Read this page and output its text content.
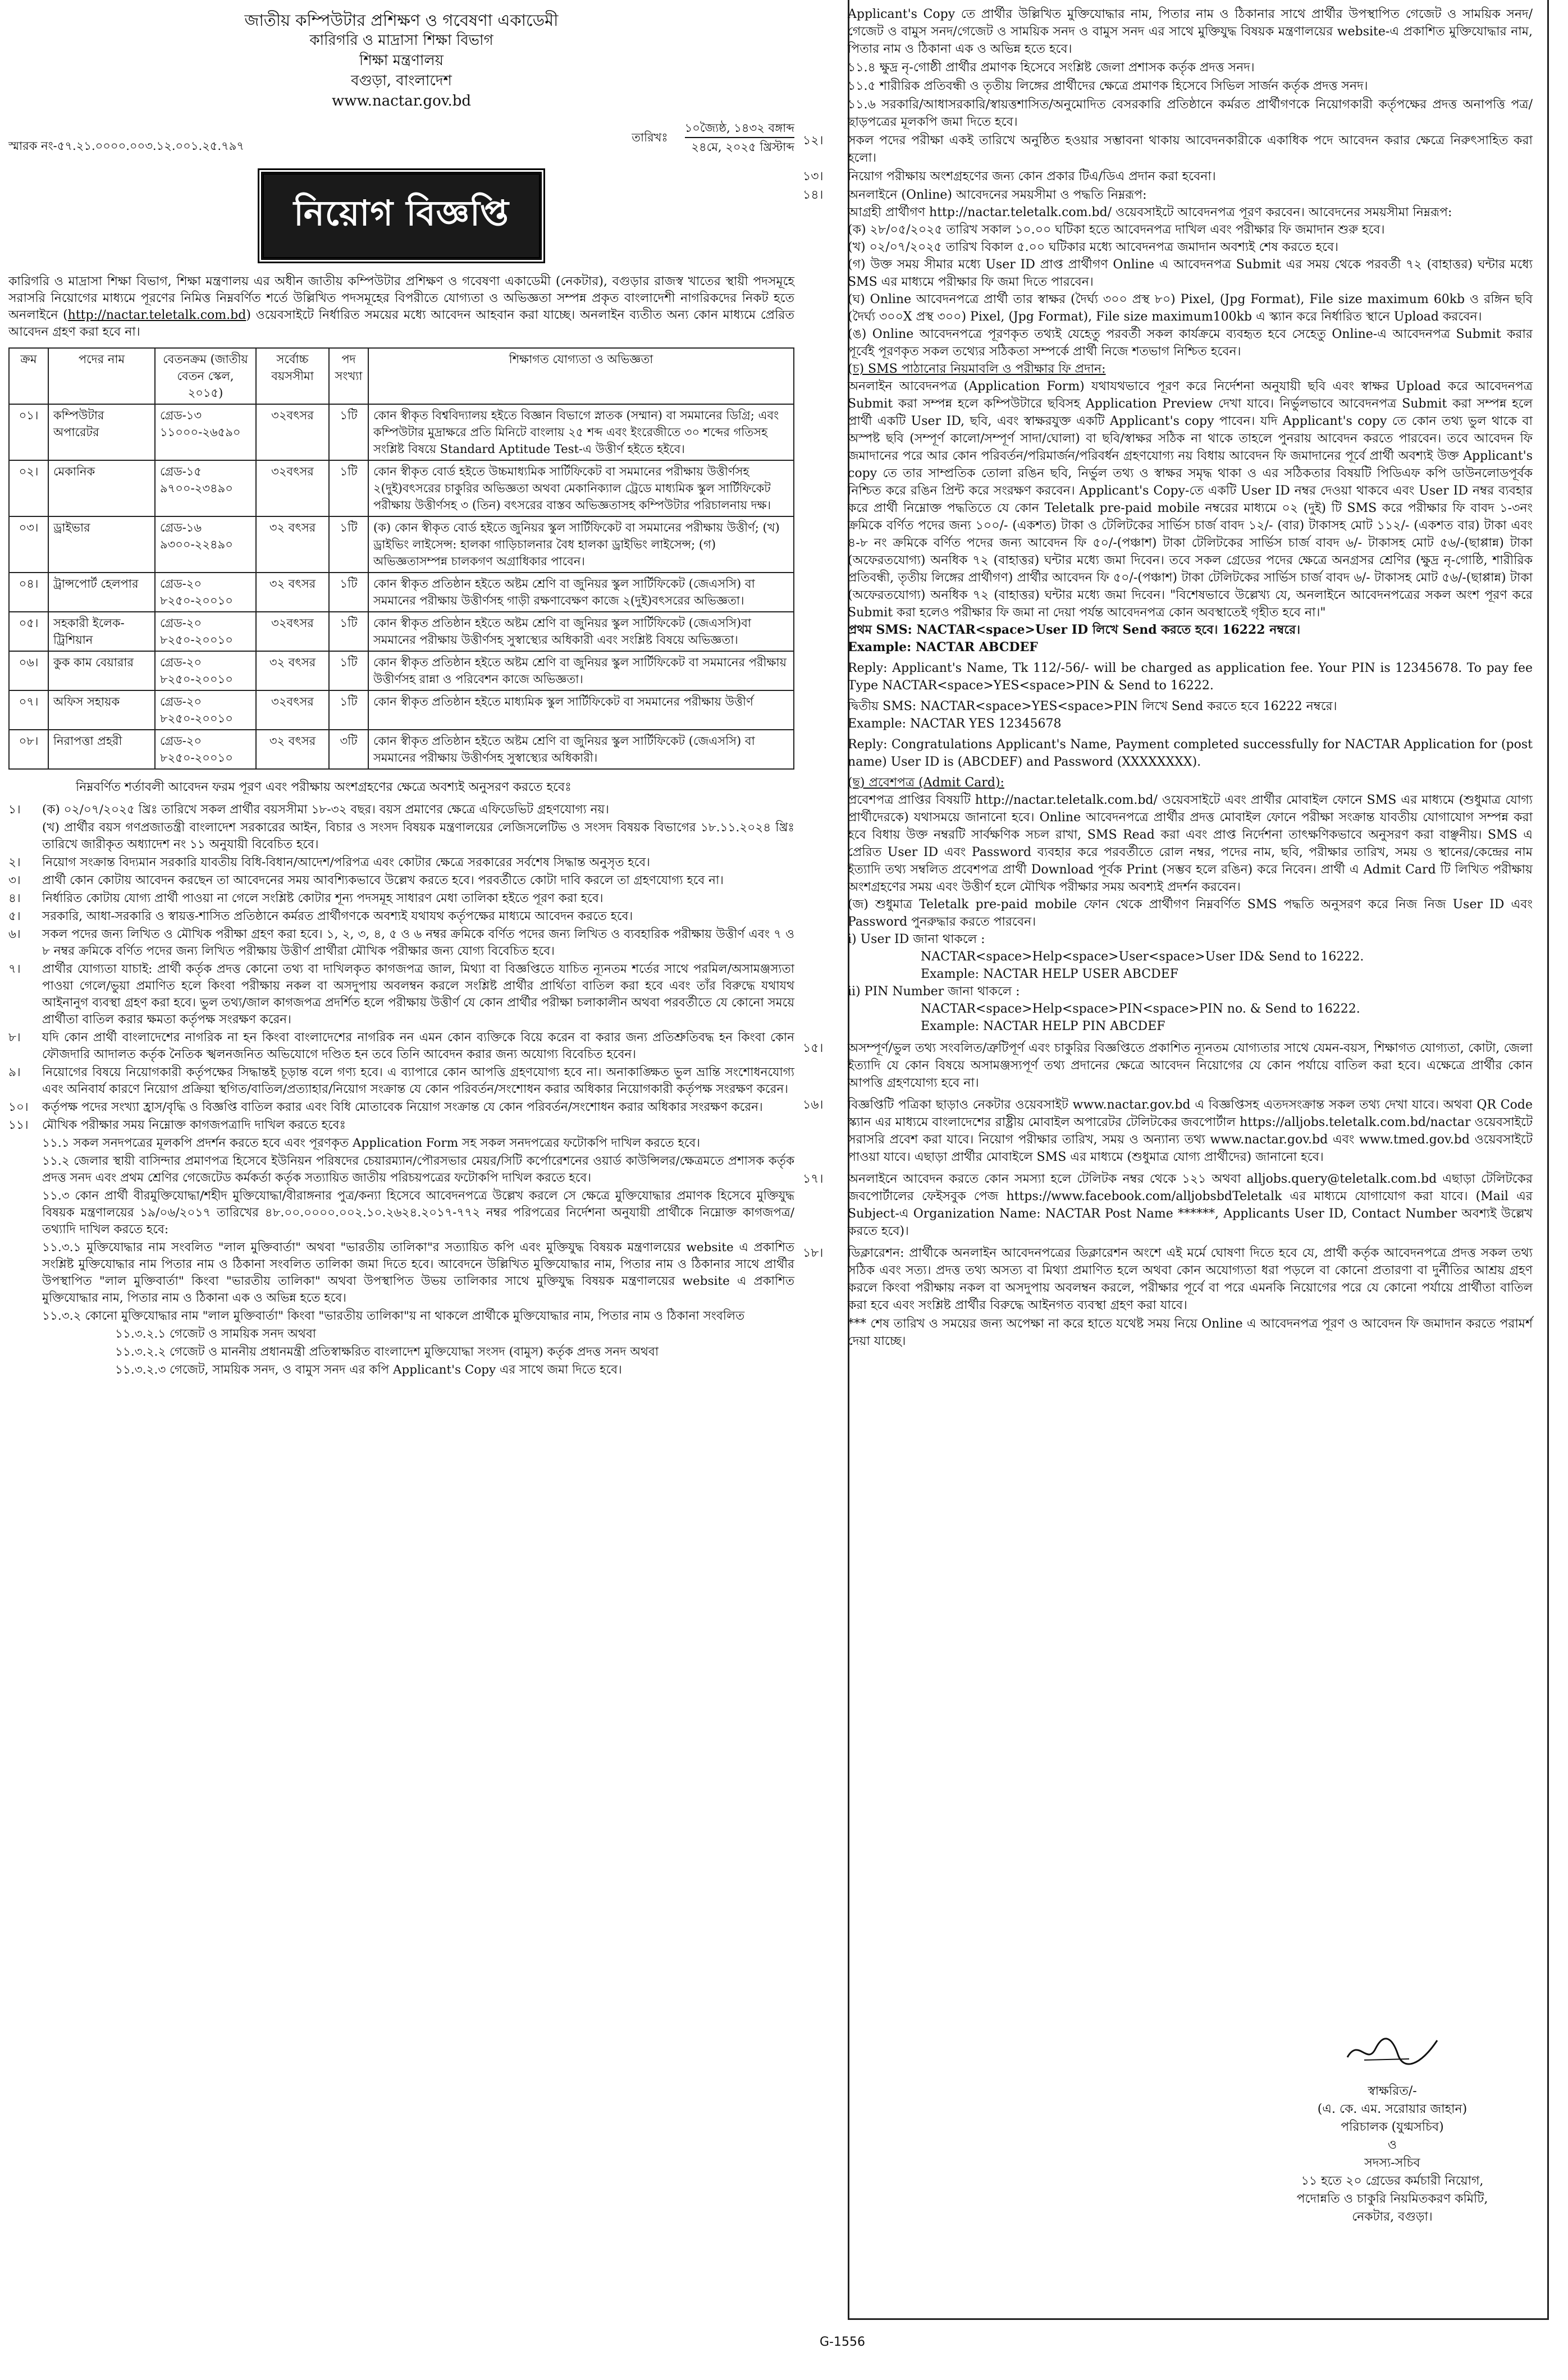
জাতীয় কম্পিউটার প্রশিক্ষণ ও গবেষণা একাডেমী
কারিগরি ও মাদ্রাসা শিক্ষা বিভাগ
শিক্ষা মন্ত্রণালয়
বগুড়া, বাংলাদেশ
www.nactar.gov.bd
স্মারক নং-৫৭.২১.০০০০.০০৩.১২.০০১.২৫.৭৯৭
তারিখঃ
১০জ্যৈষ্ঠ, ১৪৩২ বঙ্গাব্দ
২৪মে, ২০২৫ খ্রিস্টাব্দ
নিয়োগ বিজ্ঞপ্তি
কারিগরি ও মাদ্রাসা শিক্ষা বিভাগ, শিক্ষা মন্ত্রণালয় এর অধীন জাতীয় কম্পিউটার প্রশিক্ষণ ও গবেষণা একাডেমী (নেকটার), বগুড়ার রাজস্ব খাতের স্থায়ী পদসমূহে সরাসরি নিয়োগের মাধ্যমে পূরণের নিমিত্ত নিম্নবর্ণিত শর্তে উল্লিখিত পদসমূহের বিপরীতে যোগ্যতা ও অভিজ্ঞতা সম্পন্ন প্রকৃত বাংলাদেশী নাগরিকদের নিকট হতে অনলাইনে (http://nactar.teletalk.com.bd) ওয়েবসাইটে নির্ধারিত সময়ের মধ্যে আবেদন আহবান করা যাচ্ছে। অনলাইন ব্যতীত অন্য কোন মাধ্যমে প্রেরিত আবেদন গ্রহণ করা হবে না।
ক্রম	পদের নাম	বেতনক্রম (জাতীয় বেতন স্কেল, ২০১৫)	সর্বোচ্চ বয়সসীমা	পদ সংখ্যা	শিক্ষাগত যোগ্যতা ও অভিজ্ঞতা
০১।	কম্পিউটার অপারেটর	গ্রেড-১৩ ১১০০০-২৬৫৯০	৩২বৎসর	১টি	কোন স্বীকৃত বিশ্ববিদ্যালয় হইতে বিজ্ঞান বিভাগে স্নাতক (সম্মান) বা সমমানের ডিগ্রি; এবং কম্পিউটার মুদ্রাক্ষরে প্রতি মিনিটে বাংলায় ২৫ শব্দ এবং ইংরেজীতে ৩০ শব্দের গতিসহ সংশ্লিষ্ট বিষয়ে Standard Aptitude Test-এ উত্তীর্ণ হইতে হইবে।
০২।	মেকানিক	গ্রেড-১৫ ৯৭০০-২৩৪৯০	৩২বৎসর	১টি	কোন স্বীকৃত বোর্ড হইতে উচ্চমাধ্যমিক সার্টিফিকেট বা সমমানের পরীক্ষায় উত্তীর্ণসহ ২(দুই)বৎসরের চাকুরির অভিজ্ঞতা অথবা মেকানিক্যাল ট্রেডে মাধ্যমিক স্কুল সার্টিফিকেট পরীক্ষায় উত্তীর্ণসহ ৩ (তিন) বৎসরের বাস্তব অভিজ্ঞতাসহ কম্পিউটার পরিচালনায় দক্ষ।
০৩।	ড্রাইভার	গ্রেড-১৬ ৯৩০০-২২৪৯০	৩২ বৎসর	১টি	(ক) কোন স্বীকৃত বোর্ড হইতে জুনিয়র স্কুল সার্টিফিকেট বা সমমানের পরীক্ষায় উত্তীর্ণ; (খ) ড্রাইভিং লাইসেন্স: হালকা গাড়িচালনার বৈধ হালকা ড্রাইভিং লাইসেন্স; (গ) অভিজ্ঞতাসম্পন্ন চালকগণ অগ্রাধিকার পাবেন।
০৪।	ট্রান্সপোর্ট হেলপার	গ্রেড-২০ ৮২৫০-২০০১০	৩২ বৎসর	১টি	কোন স্বীকৃত প্রতিষ্ঠান হইতে অষ্টম শ্রেণি বা জুনিয়র স্কুল সার্টিফিকেট (জেএসসি) বা সমমানের পরীক্ষায় উত্তীর্ণসহ গাড়ী রক্ষণাবেক্ষণ কাজে ২(দুই)বৎসরের অভিজ্ঞতা।
০৫।	সহকারী ইলেক-ট্রিশিয়ান	গ্রেড-২০ ৮২৫০-২০০১০	৩২বৎসর	১টি	কোন স্বীকৃত প্রতিষ্ঠান হইতে অষ্টম শ্রেণি বা জুনিয়র স্কুল সার্টিফিকেট (জেএসসি)বা সমমানের পরীক্ষায় উত্তীর্ণসহ সুস্বাস্থ্যের অধিকারী এবং সংশ্লিষ্ট বিষয়ে অভিজ্ঞতা।
০৬।	কুক কাম বেয়ারার	গ্রেড-২০ ৮২৫০-২০০১০	৩২ বৎসর	১টি	কোন স্বীকৃত প্রতিষ্ঠান হইতে অষ্টম শ্রেণি বা জুনিয়র স্কুল সার্টিফিকেট বা সমমানের পরীক্ষায় উত্তীর্ণসহ রান্না ও পরিবেশন কাজে অভিজ্ঞতা।
০৭।	অফিস সহায়ক	গ্রেড-২০ ৮২৫০-২০০১০	৩২বৎসর	১টি	কোন স্বীকৃত প্রতিষ্ঠান হইতে মাধ্যমিক স্কুল সার্টিফিকেট বা সমমানের পরীক্ষায় উত্তীর্ণ
০৮।	নিরাপত্তা প্রহরী	গ্রেড-২০ ৮২৫০-২০০১০	৩২ বৎসর	৩টি	কোন স্বীকৃত প্রতিষ্ঠান হইতে অষ্টম শ্রেণি বা জুনিয়র স্কুল সার্টিফিকেট (জেএসসি) বা সমমানের পরীক্ষায় উত্তীর্ণসহ সুস্বাস্থ্যের অধিকারী।
নিম্নবর্ণিত শর্তাবলী আবেদন ফরম পূরণ এবং পরীক্ষায় অংশগ্রহণের ক্ষেত্রে অবশ্যই অনুসরণ করতে হবেঃ
১।	(ক) ০২/০৭/২০২৫ খ্রিঃ তারিখে সকল প্রার্থীর বয়সসীমা ১৮-৩২ বছর। বয়স প্রমাণের ক্ষেত্রে এফিডেভিট গ্রহণযোগ্য নয়।
(খ) প্রার্থীর বয়স গণপ্রজাতন্ত্রী বাংলাদেশ সরকারের আইন, বিচার ও সংসদ বিষয়ক মন্ত্রণালয়ের লেজিসলেটিভ ও সংসদ বিষয়ক বিভাগের ১৮.১১.২০২৪ খ্রিঃ তারিখে জারীকৃত অধ্যাদেশ নং ১১ অনুযায়ী বিবেচিত হবে।
২।	নিয়োগ সংক্রান্ত বিদ্যমান সরকারি যাবতীয় বিধি-বিধান/আদেশ/পরিপত্র এবং কোটার ক্ষেত্রে সরকারের সর্বশেষ সিদ্ধান্ত অনুসৃত হবে।
৩।	প্রার্থী কোন কোটায় আবেদন করছেন তা আবেদনের সময় আবশ্যিকভাবে উল্লেখ করতে হবে। পরবর্তীতে কোটা দাবি করলে তা গ্রহণযোগ্য হবে না।
৪।	নির্ধারিত কোটায় যোগ্য প্রার্থী পাওয়া না গেলে সংশ্লিষ্ট কোটার শূন্য পদসমূহ সাধারণ মেধা তালিকা হইতে পূরণ করা হবে।
৫।	সরকারি, আধা-সরকারি ও স্বায়ত্ত-শাসিত প্রতিষ্ঠানে কর্মরত প্রার্থীগণকে অবশ্যই যথাযথ কর্তৃপক্ষের মাধ্যমে আবেদন করতে হবে।
৬।	সকল পদের জন্য লিখিত ও মৌখিক পরীক্ষা গ্রহণ করা হবে। ১, ২, ৩, ৪, ৫ ও ৬ নম্বর ক্রমিকে বর্ণিত পদের জন্য লিখিত ও ব্যবহারিক পরীক্ষায় উত্তীর্ণ এবং ৭ ও ৮ নম্বর ক্রমিকে বর্ণিত পদের জন্য লিখিত পরীক্ষায় উত্তীর্ণ প্রার্থীরা মৌখিক পরীক্ষার জন্য যোগ্য বিবেচিত হবে।
৭।	প্রার্থীর যোগ্যতা যাচাই: প্রার্থী কর্তৃক প্রদত্ত কোনো তথ্য বা দাখিলকৃত কাগজপত্র জাল, মিথ্যা বা বিজ্ঞপ্তিতে যাচিত ন্যূনতম শর্তের সাথে পরমিল/অসামঞ্জস্যতা পাওয়া গেলে/ভুয়া প্রমাণিত হলে কিংবা পরীক্ষায় নকল বা অসদুপায় অবলম্বন করলে সংশ্লিষ্ট প্রার্থীর প্রার্থিতা বাতিল করা হবে এবং তাঁর বিরুদ্ধে যথাযথ আইনানুগ ব্যবস্থা গ্রহণ করা হবে। ভুল তথ্য/জাল কাগজপত্র প্রদর্শিত হলে পরীক্ষায় উত্তীর্ণ যে কোন প্রার্থীর পরীক্ষা চলাকালীন অথবা পরবর্তীতে যে কোনো সময়ে প্রার্থীতা বাতিল করার ক্ষমতা কর্তৃপক্ষ সংরক্ষণ করেন।
৮।	যদি কোন প্রার্থী বাংলাদেশের নাগরিক না হন কিংবা বাংলাদেশের নাগরিক নন এমন কোন ব্যক্তিকে বিয়ে করেন বা করার জন্য প্রতিশ্রুতিবদ্ধ হন কিংবা কোন ফৌজদারি আদালত কর্তৃক নৈতিক স্খলনজনিত অভিযোগে দণ্ডিত হন তবে তিনি আবেদন করার জন্য অযোগ্য বিবেচিত হবেন।
৯।	নিয়োগের বিষয়ে নিয়োগকারী কর্তৃপক্ষের সিদ্ধান্তই চূড়ান্ত বলে গণ্য হবে। এ ব্যাপারে কোন আপত্তি গ্রহণযোগ্য হবে না। অনাকাঙ্ক্ষিত ভুল ভ্রান্তি সংশোধনযোগ্য এবং অনিবার্য কারণে নিয়োগ প্রক্রিয়া স্থগিত/বাতিল/প্রত্যাহার/নিয়োগ সংক্রান্ত যে কোন পরিবর্তন/সংশোধন করার অধিকার নিয়োগকারী কর্তৃপক্ষ সংরক্ষণ করেন।
১০।	কর্তৃপক্ষ পদের সংখ্যা হ্রাস/বৃদ্ধি ও বিজ্ঞপ্তি বাতিল করার এবং বিধি মোতাবেক নিয়োগ সংক্রান্ত যে কোন পরিবর্তন/সংশোধন করার অধিকার সংরক্ষণ করেন।
১১।	মৌখিক পরীক্ষার সময় নিম্নোক্ত কাগজপত্রাদি দাখিল করতে হবেঃ
১১.১ সকল সনদপত্রের মূলকপি প্রদর্শন করতে হবে এবং পূরণকৃত Application Form সহ সকল সনদপত্রের ফটোকপি দাখিল করতে হবে।
১১.২ জেলার স্থায়ী বাসিন্দার প্রমাণপত্র হিসেবে ইউনিয়ন পরিষদের চেয়ারম্যান/পৌরসভার মেয়র/সিটি কর্পোরেশনের ওয়ার্ড কাউন্সিলর/ক্ষেত্রমতে প্রশাসক কর্তৃক প্রদত্ত সনদ এবং প্রথম শ্রেণির গেজেটেড কর্মকর্তা কর্তৃক সত্যায়িত জাতীয় পরিচয়পত্রের ফটোকপি দাখিল করতে হবে।
১১.৩ কোন প্রার্থী বীরমুক্তিযোদ্ধা/শহীদ মুক্তিযোদ্ধা/বীরাঙ্গনার পুত্র/কন্যা হিসেবে আবেদনপত্রে উল্লেখ করলে সে ক্ষেত্রে মুক্তিযোদ্ধার প্রমাণক হিসেবে মুক্তিযুদ্ধ বিষয়ক মন্ত্রণালয়ের ১৯/০৬/২০১৭ তারিখের ৪৮.০০.০০০০.০০২.১০.২৬২৪.২০১৭-৭৭২ নম্বর পরিপত্রের নির্দেশনা অনুযায়ী প্রার্থীকে নিম্নোক্ত কাগজপত্র/তথ্যাদি দাখিল করতে হবে:
১১.৩.১ মুক্তিযোদ্ধার নাম সংবলিত "লাল মুক্তিবার্তা" অথবা "ভারতীয় তালিকা"র সত্যায়িত কপি এবং মুক্তিযুদ্ধ বিষয়ক মন্ত্রণালয়ের website এ প্রকাশিত সংশ্লিষ্ট মুক্তিযোদ্ধার নাম পিতার নাম ও ঠিকানা সংবলিত তালিকা জমা দিতে হবে। আবেদনে উল্লিখিত মুক্তিযোদ্ধার নাম, পিতার নাম ও ঠিকানার সাথে প্রার্থীর উপস্থাপিত "লাল মুক্তিবার্তা" কিংবা "ভারতীয় তালিকা" অথবা উপস্থাপিত উভয় তালিকার সাথে মুক্তিযুদ্ধ বিষয়ক মন্ত্রণালয়ের website এ প্রকাশিত মুক্তিযোদ্ধার নাম, পিতার নাম ও ঠিকানা এক ও অভিন্ন হতে হবে।
১১.৩.২ কোনো মুক্তিযোদ্ধার নাম "লাল মুক্তিবার্তা" কিংবা "ভারতীয় তালিকা"য় না থাকলে প্রার্থীকে মুক্তিযোদ্ধার নাম, পিতার নাম ও ঠিকানা সংবলিত
১১.৩.২.১ গেজেট ও সাময়িক সনদ অথবা
১১.৩.২.২ গেজেট ও মাননীয় প্রধানমন্ত্রী প্রতিস্বাক্ষরিত বাংলাদেশ মুক্তিযোদ্ধা সংসদ (বামুস) কর্তৃক প্রদত্ত সনদ অথবা
১১.৩.২.৩ গেজেট, সাময়িক সনদ, ও বামুস সনদ এর কপি Applicant's Copy এর সাথে জমা দিতে হবে।
Applicant's Copy তে প্রার্থীর উল্লিখিত মুক্তিযোদ্ধার নাম, পিতার নাম ও ঠিকানার সাথে প্রার্থীর উপস্থাপিত গেজেট ও সাময়িক সনদ/গেজেট ও বামুস সনদ/গেজেট ও সাময়িক সনদ ও বামুস সনদ এর সাথে মুক্তিযুদ্ধ বিষয়ক মন্ত্রণালয়ের website-এ প্রকাশিত মুক্তিযোদ্ধার নাম, পিতার নাম ও ঠিকানা এক ও অভিন্ন হতে হবে।
১১.৪ ক্ষুদ্র নৃ-গোষ্ঠী প্রার্থীর প্রমাণক হিসেবে সংশ্লিষ্ট জেলা প্রশাসক কর্তৃক প্রদত্ত সনদ।
১১.৫ শারীরিক প্রতিবন্ধী ও তৃতীয় লিঙ্গের প্রার্থীদের ক্ষেত্রে প্রমাণক হিসেবে সিভিল সার্জন কর্তৃক প্রদত্ত সনদ।
১১.৬ সরকারি/আধাসরকারি/স্বায়ত্তশাসিত/অনুমোদিত বেসরকারি প্রতিষ্ঠানে কর্মরত প্রার্থীগণকে নিয়োগকারী কর্তৃপক্ষের প্রদত্ত অনাপত্তি পত্র/ছাড়পত্রের মূলকপি জমা দিতে হবে।
১২।	সকল পদের পরীক্ষা একই তারিখে অনুষ্ঠিত হওয়ার সম্ভাবনা থাকায় আবেদনকারীকে একাধিক পদে আবেদন করার ক্ষেত্রে নিরুৎসাহিত করা হলো।
১৩।	নিয়োগ পরীক্ষায় অংশগ্রহণের জন্য কোন প্রকার টিএ/ডিএ প্রদান করা হবেনা।
১৪।	অনলাইনে (Online) আবেদনের সময়সীমা ও পদ্ধতি নিম্নরূপ:
আগ্রহী প্রার্থীগণ http://nactar.teletalk.com.bd/ ওয়েবসাইটে আবেদনপত্র পূরণ করবেন। আবেদনের সময়সীমা নিম্নরূপ:
(ক) ২৮/০৫/২০২৫ তারিখ সকাল ১০.০০ ঘটিকা হতে আবেদনপত্র দাখিল এবং পরীক্ষার ফি জমাদান শুরু হবে।
(খ) ০২/০৭/২০২৫ তারিখ বিকাল ৫.০০ ঘটিকার মধ্যে আবেদনপত্র জমাদান অবশ্যই শেষ করতে হবে।
(গ) উক্ত সময় সীমার মধ্যে User ID প্রাপ্ত প্রার্থীগণ Online এ আবেদনপত্র Submit এর সময় থেকে পরবর্তী ৭২ (বাহাত্তর) ঘন্টার মধ্যে SMS এর মাধ্যমে পরীক্ষার ফি জমা দিতে পারবেন।
(ঘ) Online আবেদনপত্রে প্রার্থী তার স্বাক্ষর (দৈর্ঘ্য ৩০০ প্রস্থ ৮০) Pixel, (Jpg Format), File size maximum 60kb ও রঙ্গিন ছবি (দৈর্ঘ্য ৩০০X প্রস্থ ৩০০) Pixel, (Jpg Format), File size maximum100kb এ স্ক্যান করে নির্ধারিত স্থানে Upload করবেন।
(ঙ) Online আবেদনপত্রে পূরণকৃত তথ্যই যেহেতু পরবর্তী সকল কার্যক্রমে ব্যবহৃত হবে সেহেতু Online-এ আবেদনপত্র Submit করার পূর্বেই পূরণকৃত সকল তথ্যের সঠিকতা সম্পর্কে প্রার্থী নিজে শতভাগ নিশ্চিত হবেন।
(চ) SMS পাঠানোর নিয়মাবলি ও পরীক্ষার ফি প্রদান:
অনলাইন আবেদনপত্র (Application Form) যথাযথভাবে পূরণ করে নির্দেশনা অনুযায়ী ছবি এবং স্বাক্ষর Upload করে আবেদনপত্র Submit করা সম্পন্ন হলে কম্পিউটারে ছবিসহ Application Preview দেখা যাবে। নির্ভুলভাবে আবেদনপত্র Submit করা সম্পন্ন হলে প্রার্থী একটি User ID, ছবি, এবং স্বাক্ষরযুক্ত একটি Applicant's copy পাবেন। যদি Applicant's copy তে কোন তথ্য ভুল থাকে বা অস্পষ্ট ছবি (সম্পূর্ণ কালো/সম্পূর্ণ সাদা/ঘোলা) বা ছবি/স্বাক্ষর সঠিক না থাকে তাহলে পুনরায় আবেদন করতে পারবেন। তবে আবেদন ফি জমাদানের পরে আর কোন পরিবর্তন/পরিমার্জন/পরিবর্ধন গ্রহণযোগ্য নয় বিধায় আবেদন ফি জমাদানের পূর্বে প্রার্থী অবশ্যই উক্ত Applicant's copy তে তার সাম্প্রতিক তোলা রঙিন ছবি, নির্ভুল তথ্য ও স্বাক্ষর সমৃদ্ধ থাকা ও এর সঠিকতার বিষয়টি পিডিএফ কপি ডাউনলোডপূর্বক নিশ্চিত করে রঙিন প্রিন্ট করে সংরক্ষণ করবেন। Applicant's Copy-তে একটি User ID নম্বর দেওয়া থাকবে এবং User ID নম্বর ব্যবহার করে প্রার্থী নিম্নোক্ত পদ্ধতিতে যে কোন Teletalk pre-paid mobile নম্বরের মাধ্যমে ০২ (দুই) টি SMS করে পরীক্ষার ফি বাবদ ১-৩নং ক্রমিকে বর্ণিত পদের জন্য ১০০/- (একশত) টাকা ও টেলিটকের সার্ভিস চার্জ বাবদ ১২/- (বার) টাকাসহ মোট ১১২/- (একশত বার) টাকা এবং ৪-৮ নং ক্রমিকে বর্ণিত পদের জন্য আবেদন ফি ৫০/-(পঞ্চাশ) টাকা টেলিটকের সার্ভিস চার্জ বাবদ ৬/- টাকাসহ মোট ৫৬/-(ছাপ্পান্ন) টাকা (অফেরতযোগ্য) অনধিক ৭২ (বাহাত্তর) ঘন্টার মধ্যে জমা দিবেন। তবে সকল গ্রেডের পদের ক্ষেত্রে অনগ্রসর শ্রেণির (ক্ষুদ্র নৃ-গোষ্ঠি, শারীরিক প্রতিবন্ধী, তৃতীয় লিঙ্গের প্রার্থীগণ) প্রার্থীর আবেদন ফি ৫০/-(পঞ্চাশ) টাকা টেলিটকের সার্ভিস চার্জ বাবদ ৬/- টাকাসহ মোট ৫৬/-(ছাপ্পান্ন) টাকা (অফেরতযোগ্য) অনধিক ৭২ (বাহাত্তর) ঘন্টার মধ্যে জমা দিবেন। "বিশেষভাবে উল্লেখ্য যে, অনলাইনে আবেদনপত্রের সকল অংশ পূরণ করে Submit করা হলেও পরীক্ষার ফি জমা না দেয়া পর্যন্ত আবেদনপত্র কোন অবস্থাতেই গৃহীত হবে না।"
প্রথম SMS: NACTAR<space>User ID লিখে Send করতে হবে। 16222 নম্বরে।
Example: NACTAR ABCDEF
Reply: Applicant's Name, Tk 112/-56/- will be charged as application fee. Your PIN is 12345678. To pay fee Type NACTAR<space>YES<space>PIN & Send to 16222.
দ্বিতীয় SMS: NACTAR<space>YES<space>PIN লিখে Send করতে হবে 16222 নম্বরে।
Example: NACTAR YES 12345678
Reply: Congratulations Applicant's Name, Payment completed successfully for NACTAR Application for (post name) User ID is (ABCDEF) and Password (XXXXXXXX).
(ছ) প্রবেশপত্র (Admit Card):
প্রবেশপত্র প্রাপ্তির বিষয়টি http://nactar.teletalk.com.bd/ ওয়েবসাইটে এবং প্রার্থীর মোবাইল ফোনে SMS এর মাধ্যমে (শুধুমাত্র যোগ্য প্রার্থীদেরকে) যথাসময়ে জানানো হবে। Online আবেদনপত্রে প্রার্থীর প্রদত্ত মোবাইল ফোনে পরীক্ষা সংক্রান্ত যাবতীয় যোগাযোগ সম্পন্ন করা হবে বিধায় উক্ত নম্বরটি সার্বক্ষণিক সচল রাখা, SMS Read করা এবং প্রাপ্ত নির্দেশনা তাৎক্ষণিকভাবে অনুসরণ করা বাঞ্ছনীয়। SMS এ প্রেরিত User ID এবং Password ব্যবহার করে পরবর্তীতে রোল নম্বর, পদের নাম, ছবি, পরীক্ষার তারিখ, সময় ও স্থানের/কেন্দ্রের নাম ইত্যাদি তথ্য সম্বলিত প্রবেশপত্র প্রার্থী Download পূর্বক Print (সম্ভব হলে রঙিন) করে নিবেন। প্রার্থী এ Admit Card টি লিখিত পরীক্ষায় অংশগ্রহণের সময় এবং উত্তীর্ণ হলে মৌখিক পরীক্ষার সময় অবশ্যই প্রদর্শন করবেন।
(জ) শুধুমাত্র Teletalk pre-paid mobile ফোন থেকে প্রার্থীগণ নিম্নবর্ণিত SMS পদ্ধতি অনুসরণ করে নিজ নিজ User ID এবং Password পুনরুদ্ধার করতে পারবেন।
i) User ID জানা থাকলে :
NACTAR<space>Help<space>User<space>User ID& Send to 16222.
Example: NACTAR HELP USER ABCDEF
ii) PIN Number জানা থাকলে :
NACTAR<space>Help<space>PIN<space>PIN no. & Send to 16222.
Example: NACTAR HELP PIN ABCDEF
১৫।	অসম্পূর্ণ/ভুল তথ্য সংবলিত/ত্রুটিপূর্ণ এবং চাকুরির বিজ্ঞপ্তিতে প্রকাশিত ন্যূনতম যোগ্যতার সাথে যেমন-বয়স, শিক্ষাগত যোগ্যতা, কোটা, জেলা ইত্যাদি যে কোন বিষয়ে অসামঞ্জস্যপূর্ণ তথ্য প্রদানের ক্ষেত্রে আবেদন নিয়োগের যে কোন পর্যায়ে বাতিল করা হবে। এক্ষেত্রে প্রার্থীর কোন আপত্তি গ্রহণযোগ্য হবে না।
১৬।	বিজ্ঞপ্তিটি পত্রিকা ছাড়াও নেকটার ওয়েবসাইট www.nactar.gov.bd এ বিজ্ঞপ্তিসহ এতদসংক্রান্ত সকল তথ্য দেখা যাবে। অথবা QR Code স্ক্যান এর মাধ্যমে বাংলাদেশের রাষ্ট্রীয় মোবাইল অপারেটর টেলিটকের জবপোর্টাল https://alljobs.teletalk.com.bd/nactar ওয়েবসাইটে সরাসরি প্রবেশ করা যাবে। নিয়োগ পরীক্ষার তারিখ, সময় ও অন্যান্য তথ্য www.nactar.gov.bd এবং www.tmed.gov.bd ওয়েবসাইটে পাওয়া যাবে। এছাড়া প্রার্থীর মোবাইলে SMS এর মাধ্যমে (শুধুমাত্র যোগ্য প্রার্থীদের) জানানো হবে।
১৭।	অনলাইনে আবেদন করতে কোন সমস্যা হলে টেলিটক নম্বর থেকে ১২১ অথবা alljobs.query@teletalk.com.bd এছাড়া টেলিটকের জবপোর্টালের ফেইসবুক পেজ https://www.facebook.com/alljobsbdTeletalk এর মাধ্যমে যোগাযোগ করা যাবে। (Mail এর Subject-এ Organization Name: NACTAR Post Name ******, Applicants User ID, Contact Number অবশ্যই উল্লেখ করতে হবে)।
১৮।	ডিক্লারেশন: প্রার্থীকে অনলাইন আবেদনপত্রের ডিক্লারেশন অংশে এই মর্মে ঘোষণা দিতে হবে যে, প্রার্থী কর্তৃক আবেদনপত্রে প্রদত্ত সকল তথ্য সঠিক এবং সত্য। প্রদত্ত তথ্য অসত্য বা মিথ্যা প্রমাণিত হলে অথবা কোন অযোগ্যতা ধরা পড়লে বা কোনো প্রতারণা বা দুর্নীতির আশ্রয় গ্রহণ করলে কিংবা পরীক্ষায় নকল বা অসদুপায় অবলম্বন করলে, পরীক্ষার পূর্বে বা পরে এমনকি নিয়োগের পরে যে কোনো পর্যায়ে প্রার্থীতা বাতিল করা হবে এবং সংশ্লিষ্ট প্রার্থীর বিরুদ্ধে আইনগত ব্যবস্থা গ্রহণ করা যাবে।
*** শেষ তারিখ ও সময়ের জন্য অপেক্ষা না করে হাতে যথেষ্ট সময় নিয়ে Online এ আবেদনপত্র পূরণ ও আবেদন ফি জমাদান করতে পরামর্শ দেয়া যাচ্ছে।
স্বাক্ষরিত/-
(এ. কে. এম. সরোয়ার জাহান)
পরিচালক (যুগ্মসচিব)
ও
সদস্য-সচিব
১১ হতে ২০ গ্রেডের কর্মচারী নিয়োগ,
পদোন্নতি ও চাকুরি নিয়মিতকরণ কমিটি,
নেকটার, বগুড়া।
G-1556
